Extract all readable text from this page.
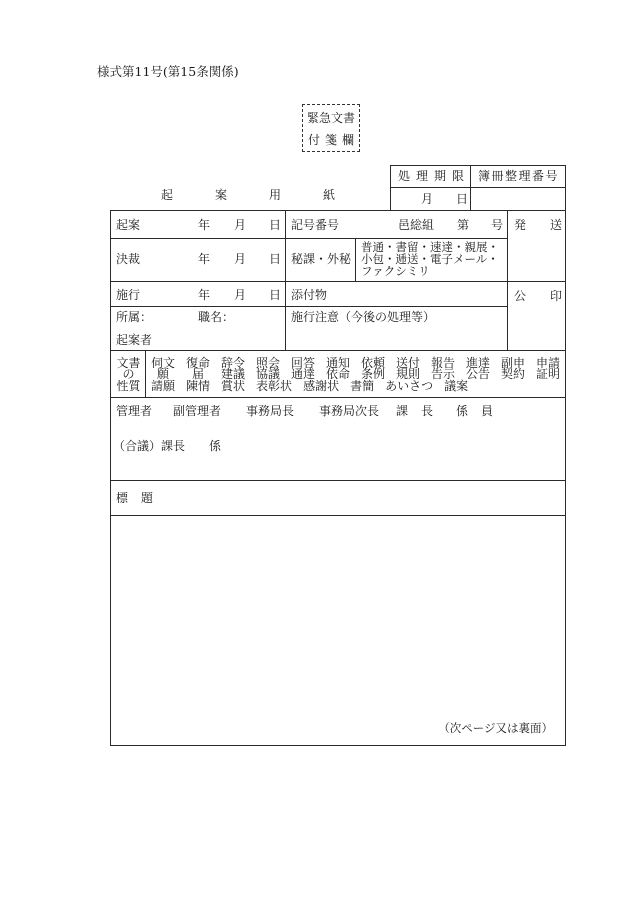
様式第11号(第15条関係)
緊急文書
付箋欄
処理期限 簿冊整理番号
月 日
起案用紙
起案	年 月 日 記号番号	邑総組 第 号 発送
決裁	年 月 日 秘課・外秘
普通・書留・速達・親展・
小包・逓送・電子メール・
ファクシミリ
施行	年 月 日 添付物	公印
所属：	職名：
起案者
施行注意（今後の処理等）
文書
の
性質
伺文 復命 辞令 照会 回答 通知 依頼 送付 報告 進達 副申 申請
願	届	建議 協議 通達 依命 条例 規則 告示 公告 契約 証明
請願 陳情 賞状 表彰状 感謝状 書簡 あいさつ 議案
管理者 副管理者 事務局長 事務局次長 課長 係員
（合議）課長 係
標題
（次ページ又は裏面）
